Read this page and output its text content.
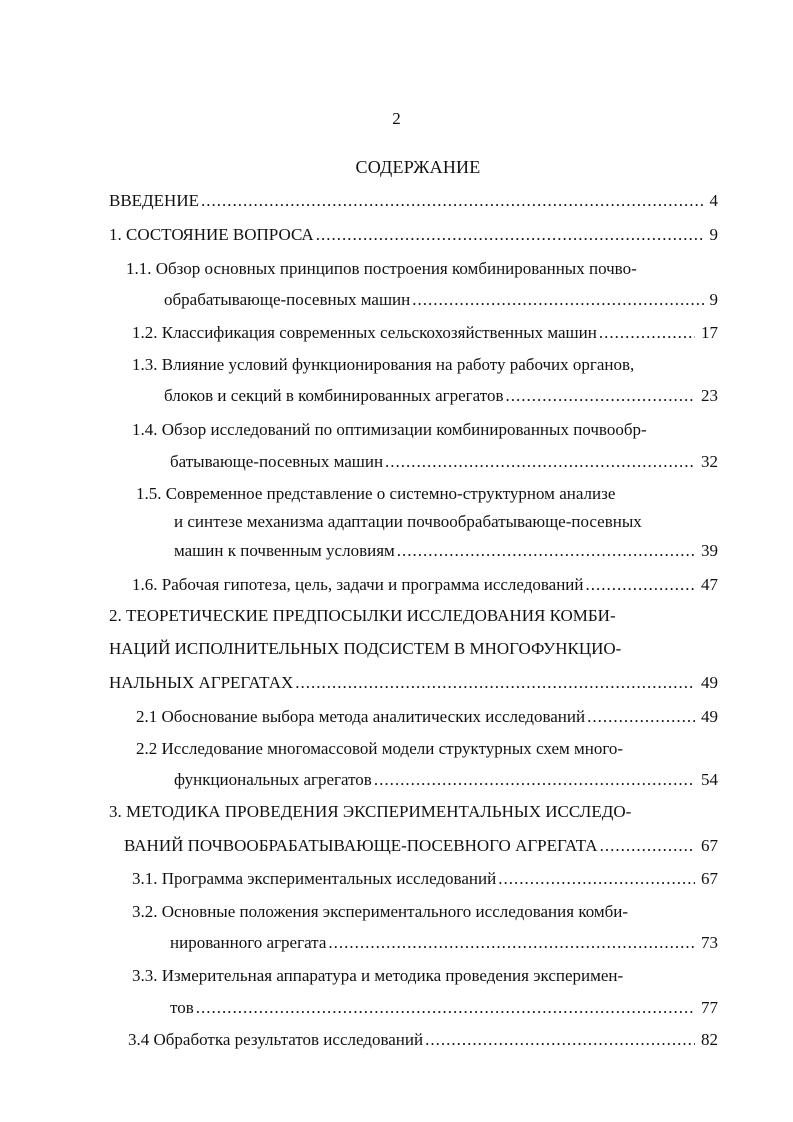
2
СОДЕРЖАНИЕ
ВВЕДЕНИЕ .....	4
1. СОСТОЯНИЕ ВОПРОСА .....	9
1.1. Обзор основных принципов построения комбинированных почво-
обрабатывающе-посевных машин .....	9
1.2. Классификация современных сельскохозяйственных машин .....	17
1.3. Влияние условий функционирования на работу рабочих органов,
блоков и секций в комбинированных агрегатов .....	23
1.4. Обзор исследований по оптимизации комбинированных почвообр-
батывающе-посевных машин .....	32
1.5. Современное представление о системно-структурном анализе
и синтезе механизма адаптации почвообрабатывающе-посевных
машин к почвенным условиям .....	39
1.6. Рабочая гипотеза, цель, задачи и программа исследований .....	47
2. ТЕОРЕТИЧЕСКИЕ ПРЕДПОСЫЛКИ ИССЛЕДОВАНИЯ КОМБИ-
НАЦИЙ ИСПОЛНИТЕЛЬНЫХ ПОДСИСТЕМ В МНОГОФУНКЦИО-
НАЛЬНЫХ АГРЕГАТАХ .....	49
2.1 Обоснование выбора метода аналитических исследований .....	49
2.2 Исследование многомассовой модели структурных схем много-
функциональных агрегатов .....	54
3. МЕТОДИКА ПРОВЕДЕНИЯ ЭКСПЕРИМЕНТАЛЬНЫХ ИССЛЕДО-
ВАНИЙ ПОЧВООБРАБАТЫВАЮЩЕ-ПОСЕВНОГО АГРЕГАТА .....	67
3.1. Программа экспериментальных исследований .....	67
3.2. Основные положения экспериментального исследования комби-
нированного агрегата .....	73
3.3. Измерительная аппаратура и методика проведения эксперимен-
тов .....	77
3.4 Обработка результатов исследований .....	82
